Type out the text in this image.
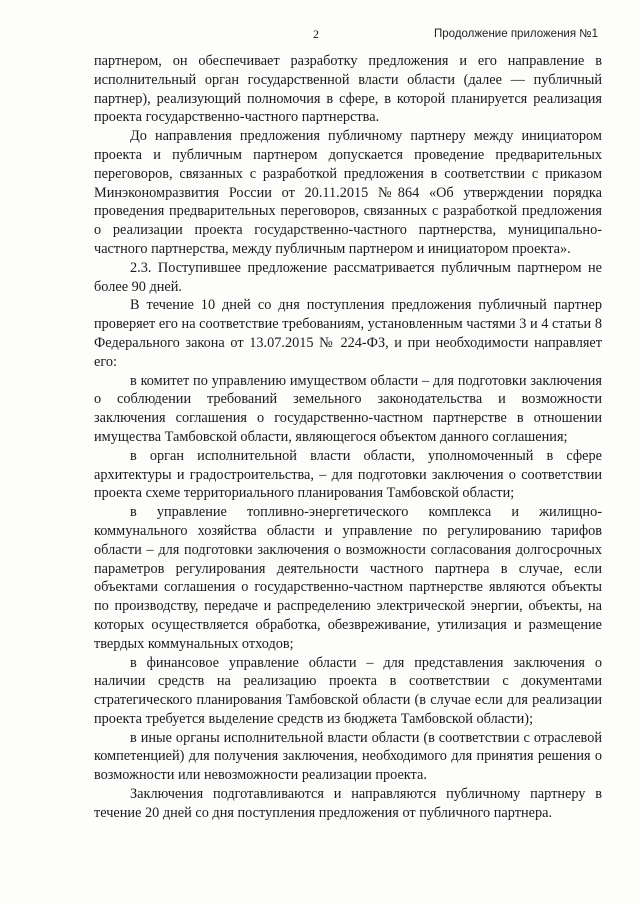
2	Продолжение приложения №1

партнером, он обеспечивает разработку предложения и его направление в исполнительный орган государственной власти области (далее — публичный партнер), реализующий полномочия в сфере, в которой планируется реализация проекта государственно-частного партнерства.

До направления предложения публичному партнеру между инициатором проекта и публичным партнером допускается проведение предварительных переговоров, связанных с разработкой предложения в соответствии с приказом Минэкономразвития России от 20.11.2015 №864 «Об утверждении порядка проведения предварительных переговоров, связанных с разработкой предложения о реализации проекта государственно-частного партнерства, муниципально-частного партнерства, между публичным партнером и инициатором проекта».

2.3. Поступившее предложение рассматривается публичным партнером не более 90 дней.

В течение 10 дней со дня поступления предложения публичный партнер проверяет его на соответствие требованиям, установленным частями 3 и 4 статьи 8 Федерального закона от 13.07.2015 № 224-ФЗ, и при необходимости направляет его:

в комитет по управлению имуществом области – для подготовки заключения о соблюдении требований земельного законодательства и возможности заключения соглашения о государственно-частном партнерстве в отношении имущества Тамбовской области, являющегося объектом данного соглашения;

в орган исполнительной власти области, уполномоченный в сфере архитектуры и градостроительства, – для подготовки заключения о соответствии проекта схеме территориального планирования Тамбовской области;

в управление топливно-энергетического комплекса и жилищно-коммунального хозяйства области и управление по регулированию тарифов области – для подготовки заключения о возможности согласования долгосрочных параметров регулирования деятельности частного партнера в случае, если объектами соглашения о государственно-частном партнерстве являются объекты по производству, передаче и распределению электрической энергии, объекты, на которых осуществляется обработка, обезвреживание, утилизация и размещение твердых коммунальных отходов;

в финансовое управление области – для представления заключения о наличии средств на реализацию проекта в соответствии с документами стратегического планирования Тамбовской области (в случае если для реализации проекта требуется выделение средств из бюджета Тамбовской области);

в иные органы исполнительной власти области (в соответствии с отраслевой компетенцией) для получения заключения, необходимого для принятия решения о возможности или невозможности реализации проекта.

Заключения подготавливаются и направляются публичному партнеру в течение 20 дней со дня поступления предложения от публичного партнера.
